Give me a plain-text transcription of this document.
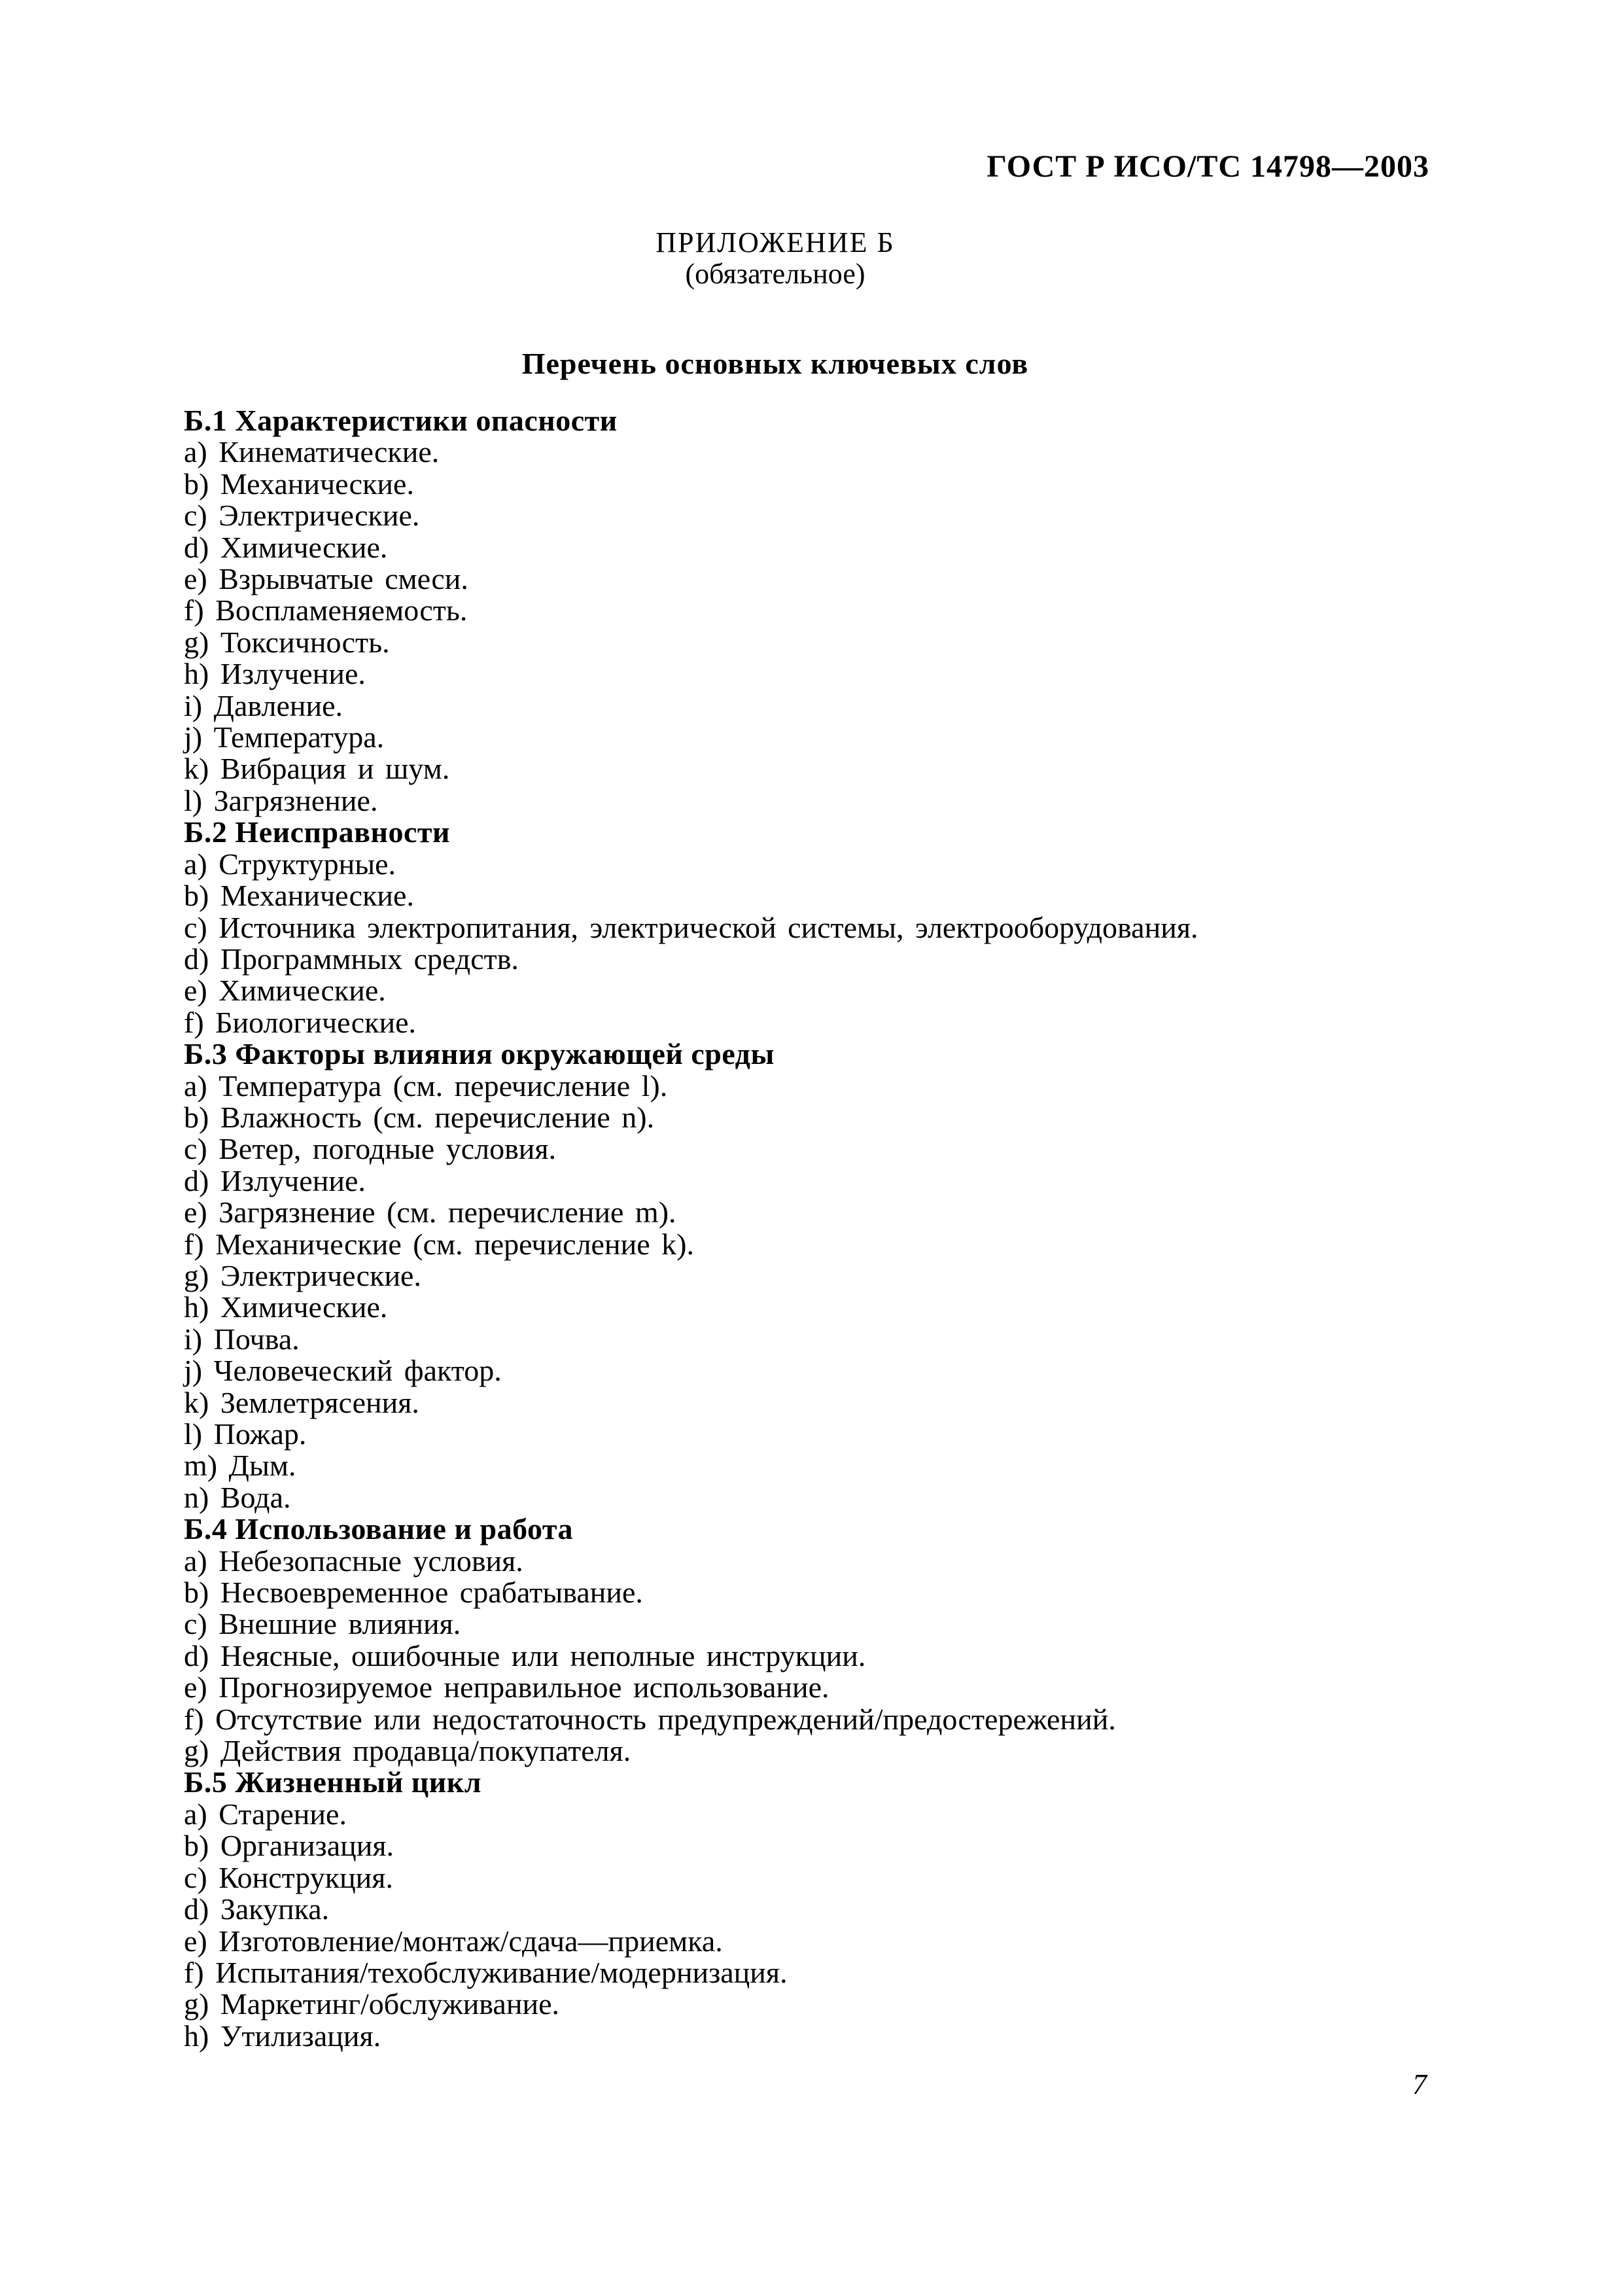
ГОСТ Р ИСО/ТС 14798—2003
ПРИЛОЖЕНИЕ Б
(обязательное)
Перечень основных ключевых слов
Б.1 Характеристики опасности
a) Кинематические.
b) Механические.
c) Электрические.
d) Химические.
e) Взрывчатые смеси.
f) Воспламеняемость.
g) Токсичность.
h) Излучение.
i) Давление.
j) Температура.
k) Вибрация и шум.
l) Загрязнение.
Б.2 Неисправности
a) Структурные.
b) Механические.
c) Источника электропитания, электрической системы, электрооборудования.
d) Программных средств.
e) Химические.
f) Биологические.
Б.3 Факторы влияния окружающей среды
a) Температура (см. перечисление l).
b) Влажность (см. перечисление n).
c) Ветер, погодные условия.
d) Излучение.
e) Загрязнение (см. перечисление m).
f) Механические (см. перечисление k).
g) Электрические.
h) Химические.
i) Почва.
j) Человеческий фактор.
k) Землетрясения.
l) Пожар.
m) Дым.
n) Вода.
Б.4 Использование и работа
a) Небезопасные условия.
b) Несвоевременное срабатывание.
c) Внешние влияния.
d) Неясные, ошибочные или неполные инструкции.
e) Прогнозируемое неправильное использование.
f) Отсутствие или недостаточность предупреждений/предостережений.
g) Действия продавца/покупателя.
Б.5 Жизненный цикл
a) Старение.
b) Организация.
c) Конструкция.
d) Закупка.
e) Изготовление/монтаж/сдача—приемка.
f) Испытания/техобслуживание/модернизация.
g) Маркетинг/обслуживание.
h) Утилизация.
7
